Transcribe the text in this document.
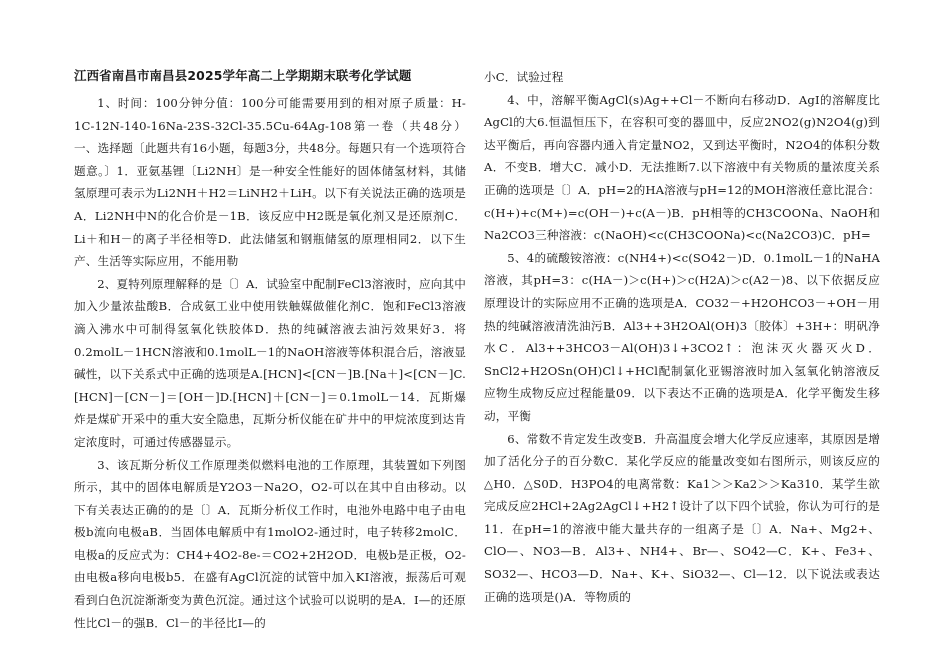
江西省南昌市南昌县2025学年高二上学期期末联考化学试题

1、时间：100分钟分值：100分可能需要用到的相对原子质量：H-1C-12N-140-16Na-23S-32Cl-35.5Cu-64Ag-108第一卷（共48分）一、选择题〔此题共有16小题，每题3分，共48分。每题只有一个选项符合题意。〕1．亚氨基锂〔Li2NH〕是一种安全性能好的固体储氢材料，其储氢原理可表示为Li2NH＋H2＝LiNH2＋LiH。以下有关说法正确的选项是A．Li2NH中N的化合价是－1B．该反应中H2既是氧化剂又是还原剂C．Li＋和H－的离子半径相等D．此法储氢和钢瓶储氢的原理相同2．以下生产、生活等实际应用，不能用勒

2、夏特列原理解释的是〔〕A．试验室中配制FeCl3溶液时，应向其中加入少量浓盐酸B．合成氨工业中使用铁触媒做催化剂C．饱和FeCl3溶液滴入沸水中可制得氢氧化铁胶体D．热的纯碱溶液去油污效果好3．将0.2molL－1HCN溶液和0.1molL－1的NaOH溶液等体积混合后，溶液显碱性，以下关系式中正确的选项是A.[HCN]<[CN－]B.[Na＋]<[CN－]C.[HCN]－[CN－]＝[OH－]D.[HCN]＋[CN－]＝0.1molL－14．瓦斯爆炸是煤矿开采中的重大安全隐患，瓦斯分析仪能在矿井中的甲烷浓度到达肯定浓度时，可通过传感器显示。

3、该瓦斯分析仪工作原理类似燃料电池的工作原理，其装置如下列图所示，其中的固体电解质是Y2O3－Na2O，O2-可以在其中自由移动。以下有关表达正确的的是〔〕A．瓦斯分析仪工作时，电池外电路中电子由电极b流向电极aB．当固体电解质中有1molO2-通过时，电子转移2molC．电极a的反应式为：CH4+4O2-8e-＝CO2+2H2OD．电极b是正极，O2-由电极a移向电极b5．在盛有AgCl沉淀的试管中加入KI溶液，振荡后可观看到白色沉淀渐渐变为黄色沉淀。通过这个试验可以说明的是A．I—的还原性比Cl－的强B．Cl－的半径比I—的

小C．试验过程

4、中，溶解平衡AgCl(s)Ag++Cl－不断向右移动D．AgI的溶解度比AgCl的大6.恒温恒压下，在容积可变的器皿中，反应2NO2(g)N2O4(g)到达平衡后，再向容器内通入肯定量NO2，又到达平衡时，N2O4的体积分数A．不变B．增大C．减小D．无法推断7.以下溶液中有关物质的量浓度关系正确的选项是〔〕A．pH=2的HA溶液与pH=12的MOH溶液任意比混合：c(H+)+c(M+)=c(OH－)+c(A－)B．pH相等的CH3COONa、NaOH和Na2CO3三种溶液：c(NaOH)<c(CH3COONa)<c(Na2CO3)C．pH=

5、4的硫酸铵溶液：c(NH4+)<c(SO42－)D．0.1molL－1的NaHA溶液，其pH=3：c(HA－)＞c(H+)＞c(H2A)＞c(A2－)8、以下依据反应原理设计的实际应用不正确的选项是A．CO32－+H2OHCO3－+OH－用热的纯碱溶液清洗油污B．Al3++3H2OAl(OH)3〔胶体〕+3H+：明矾净水C．Al3++3HCO3－Al(OH)3↓+3CO2↑：泡沫灭火器灭火D．SnCl2+H2OSn(OH)Cl↓+HCl配制氯化亚锡溶液时加入氢氧化钠溶液反应物生成物反应过程能量09．以下表达不正确的选项是A．化学平衡发生移动，平衡

6、常数不肯定发生改变B．升高温度会增大化学反应速率，其原因是增加了活化分子的百分数C．某化学反应的能量改变如右图所示，则该反应的△H0．△S0D．H3PO4的电离常数：Ka1＞＞Ka2＞＞Ka310．某学生欲完成反应2HCl+2Ag2AgCl↓+H2↑设计了以下四个试验，你认为可行的是11．在pH=1的溶液中能大量共存的一组离子是〔〕A．Na+、Mg2+、ClO—、NO3—B．Al3+、NH4+、Br—、SO42—C．K+、Fe3+、SO32—、HCO3—D．Na+、K+、SiO32—、Cl—12．以下说法或表达正确的选项是()A．等物质的
